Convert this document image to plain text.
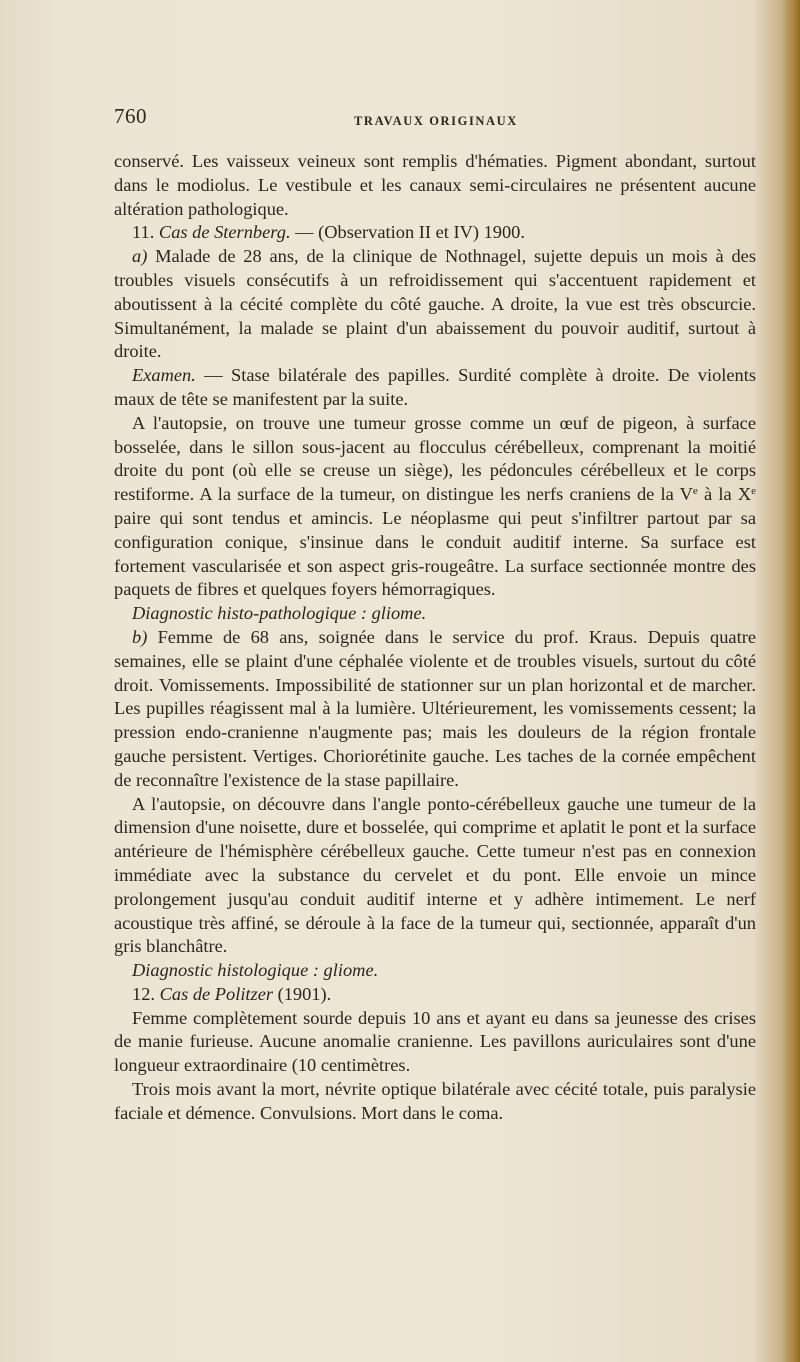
760	TRAVAUX ORIGINAUX

conservé. Les vaisseux veineux sont remplis d'hématies. Pigment abondant, surtout dans le modiolus. Le vestibule et les canaux semi-circulaires ne présentent aucune altération pathologique.

11. Cas de Sternberg. — (Observation II et IV) 1900.

a) Malade de 28 ans, de la clinique de Nothnagel, sujette depuis un mois à des troubles visuels consécutifs à un refroidissement qui s'accentuent rapidement et aboutissent à la cécité complète du côté gauche. A droite, la vue est très obscurcie. Simultanément, la malade se plaint d'un abaissement du pouvoir auditif, surtout à droite.

Examen. — Stase bilatérale des papilles. Surdité complète à droite. De violents maux de tête se manifestent par la suite.

A l'autopsie, on trouve une tumeur grosse comme un œuf de pigeon, à surface bosselée, dans le sillon sous-jacent au flocculus cérébelleux, comprenant la moitié droite du pont (où elle se creuse un siège), les pédoncules cérébelleux et le corps restiforme. A la surface de la tumeur, on distingue les nerfs craniens de la Ve à la Xe paire qui sont tendus et amincis. Le néoplasme qui peut s'infiltrer partout par sa configuration conique, s'insinue dans le conduit auditif interne. Sa surface est fortement vascularisée et son aspect gris-rougeâtre. La surface sectionnée montre des paquets de fibres et quelques foyers hémorragiques.

Diagnostic histo-pathologique : gliome.

b) Femme de 68 ans, soignée dans le service du prof. Kraus. Depuis quatre semaines, elle se plaint d'une céphalée violente et de troubles visuels, surtout du côté droit. Vomissements. Impossibilité de stationner sur un plan horizontal et de marcher. Les pupilles réagissent mal à la lumière. Ultérieurement, les vomissements cessent; la pression endo-cranienne n'augmente pas; mais les douleurs de la région frontale gauche persistent. Vertiges. Choriorétinite gauche. Les taches de la cornée empêchent de reconnaître l'existence de la stase papillaire.

A l'autopsie, on découvre dans l'angle ponto-cérébelleux gauche une tumeur de la dimension d'une noisette, dure et bosselée, qui comprime et aplatit le pont et la surface antérieure de l'hémisphère cérébelleux gauche. Cette tumeur n'est pas en connexion immédiate avec la substance du cervelet et du pont. Elle envoie un mince prolongement jusqu'au conduit auditif interne et y adhère intimement. Le nerf acoustique très affiné, se déroule à la face de la tumeur qui, sectionnée, apparaît d'un gris blanchâtre.

Diagnostic histologique : gliome.

12. Cas de Politzer (1901).

Femme complètement sourde depuis 10 ans et ayant eu dans sa jeunesse des crises de manie furieuse. Aucune anomalie cranienne. Les pavillons auriculaires sont d'une longueur extraordinaire (10 centimètres.

Trois mois avant la mort, névrite optique bilatérale avec cécité totale, puis paralysie faciale et démence. Convulsions. Mort dans le coma.
